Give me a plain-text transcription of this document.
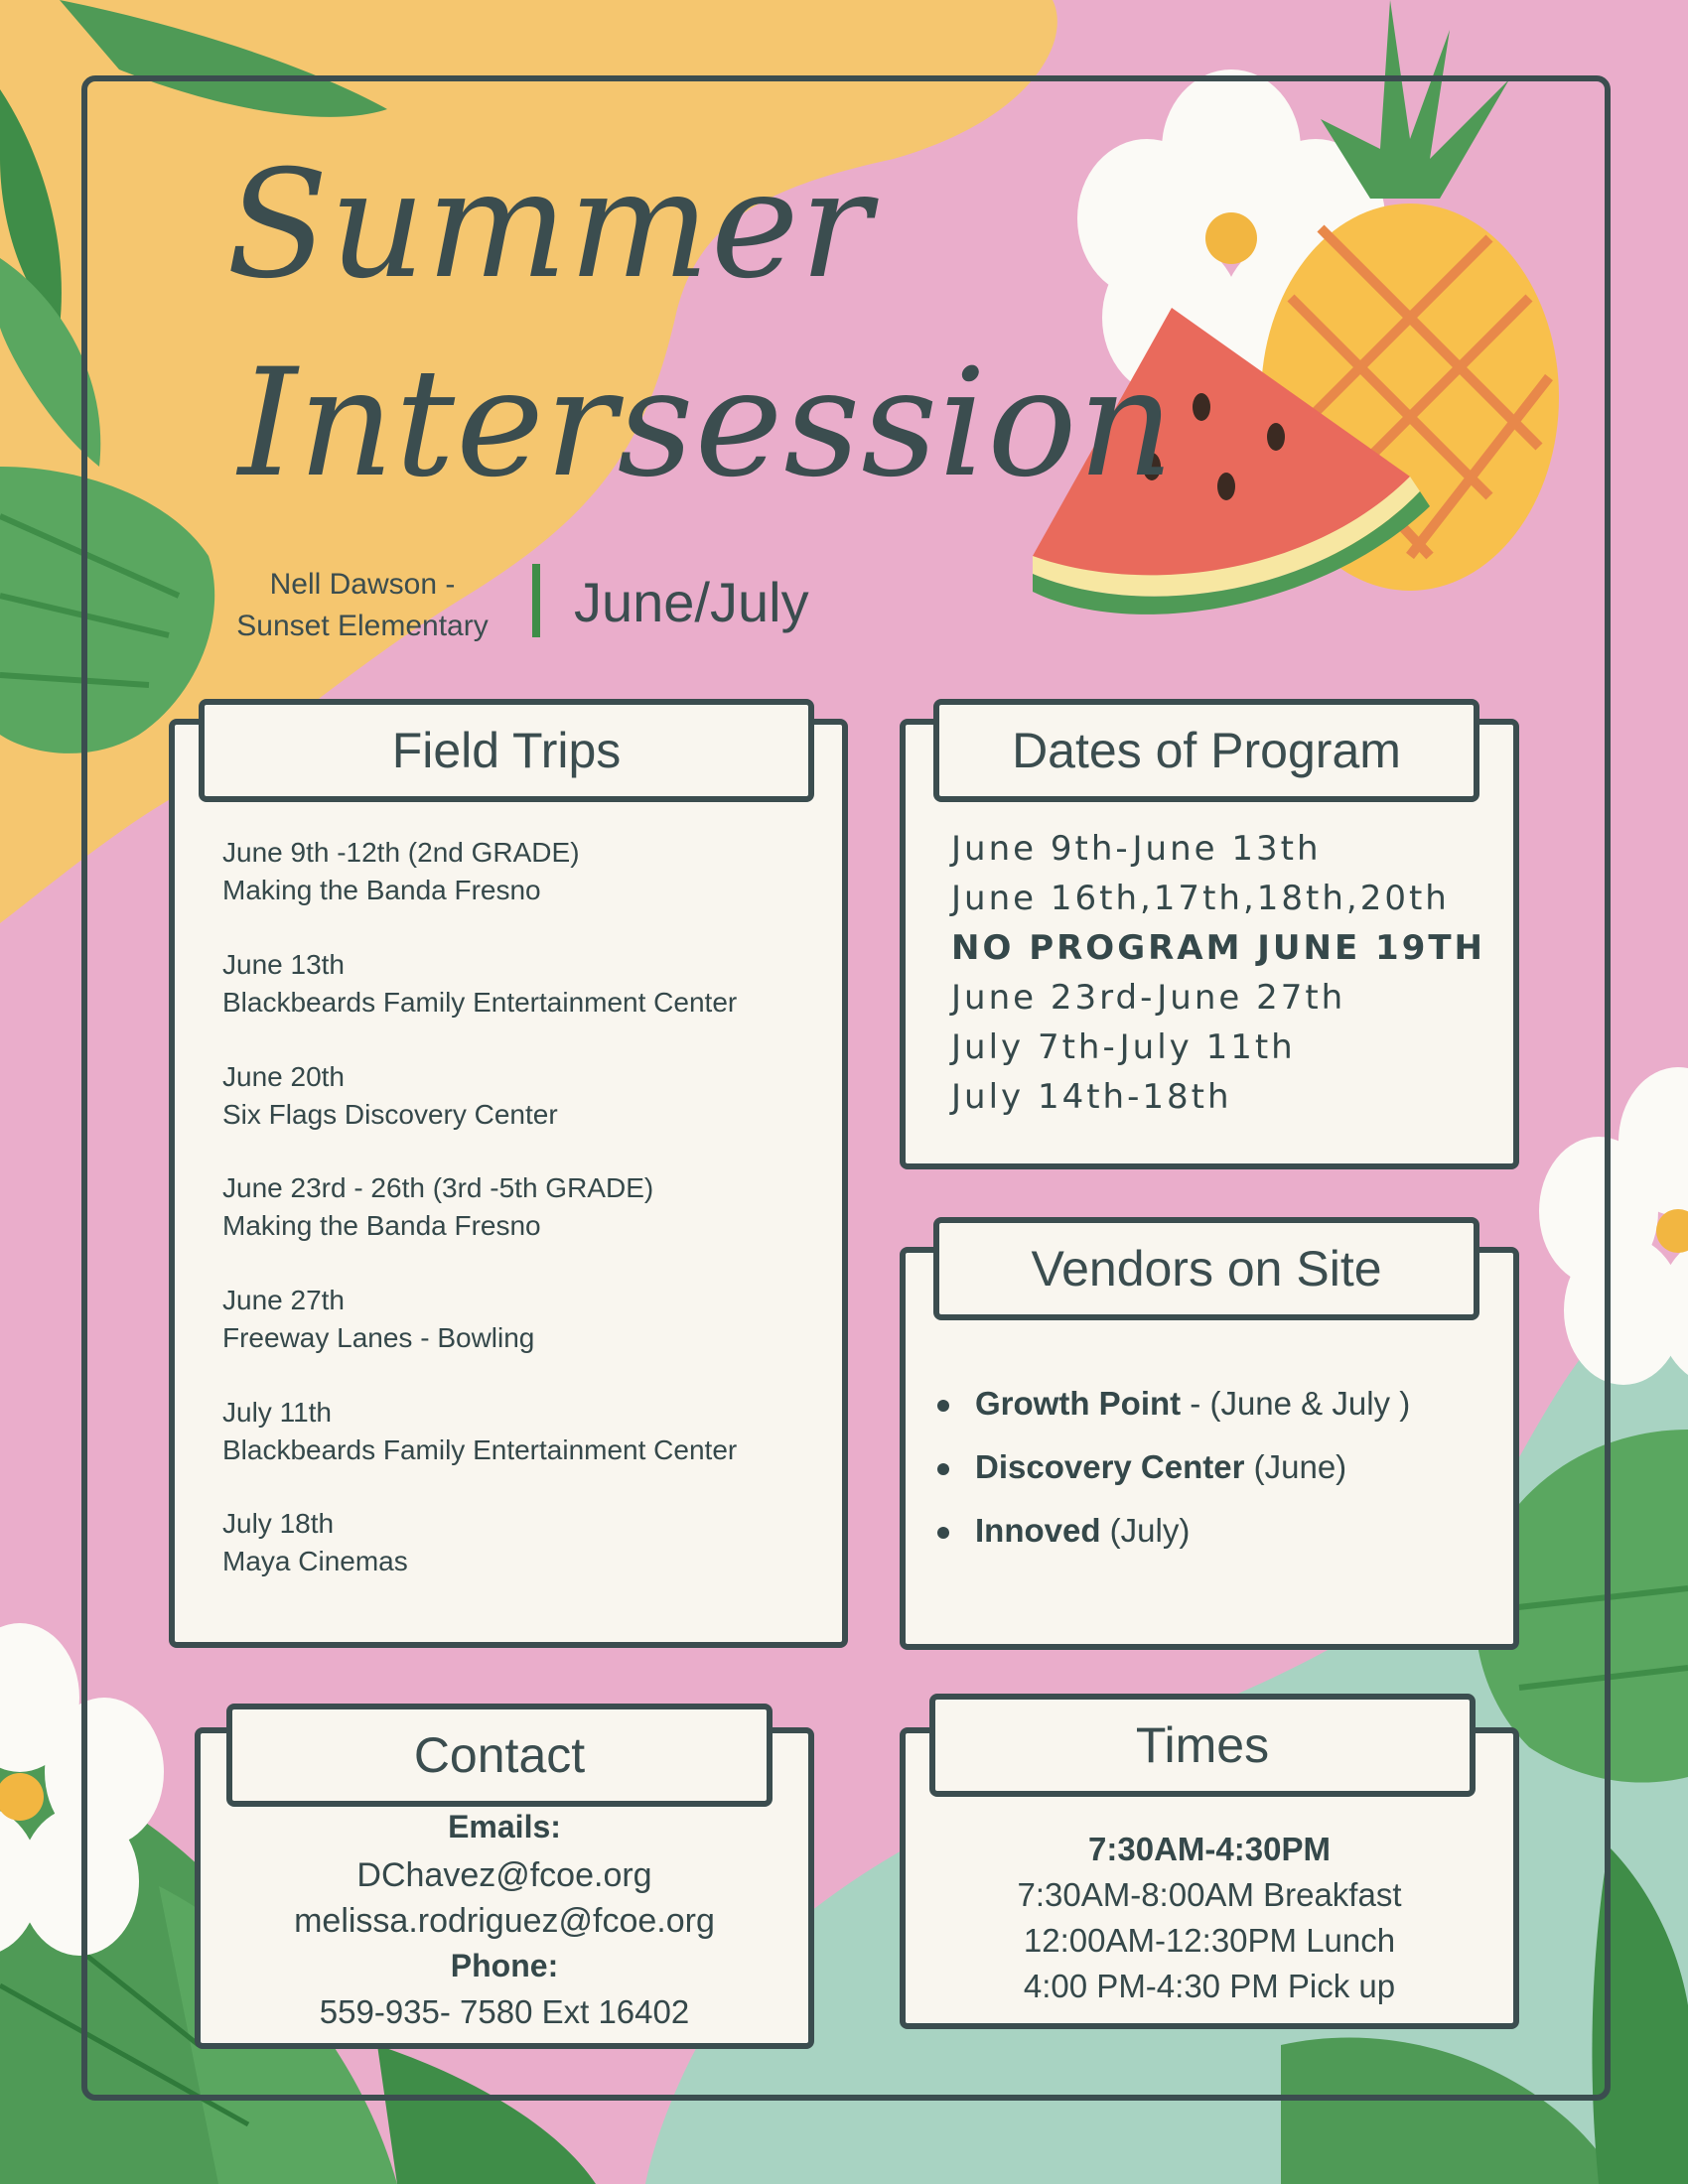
Summer
Intersession
Nell Dawson -
Sunset Elementary	June/July
June 9th -12th (2nd GRADE)
Making the Banda Fresno
June 13th
Blackbeards Family Entertainment Center
June 20th
Six Flags Discovery Center
June 23rd - 26th (3rd -5th GRADE)
Making the Banda Fresno
June 27th
Freeway Lanes - Bowling
July 11th
Blackbeards Family Entertainment Center
July 18th
Maya Cinemas
Field Trips
June 9th-June 13th
June 16th,17th,18th,20th
NO PROGRAM JUNE 19TH
June 23rd-June 27th
July 7th-July 11th
July 14th-18th
Dates of Program
Growth Point - (June & July )
Discovery Center (June)
Innoved (July)
Vendors on Site
Emails:
DChavez@fcoe.org
melissa.rodriguez@fcoe.org
Phone:
559-935- 7580 Ext 16402
Contact
7:30AM-4:30PM
7:30AM-8:00AM Breakfast
12:00AM-12:30PM Lunch
4:00 PM-4:30 PM Pick up
Times
